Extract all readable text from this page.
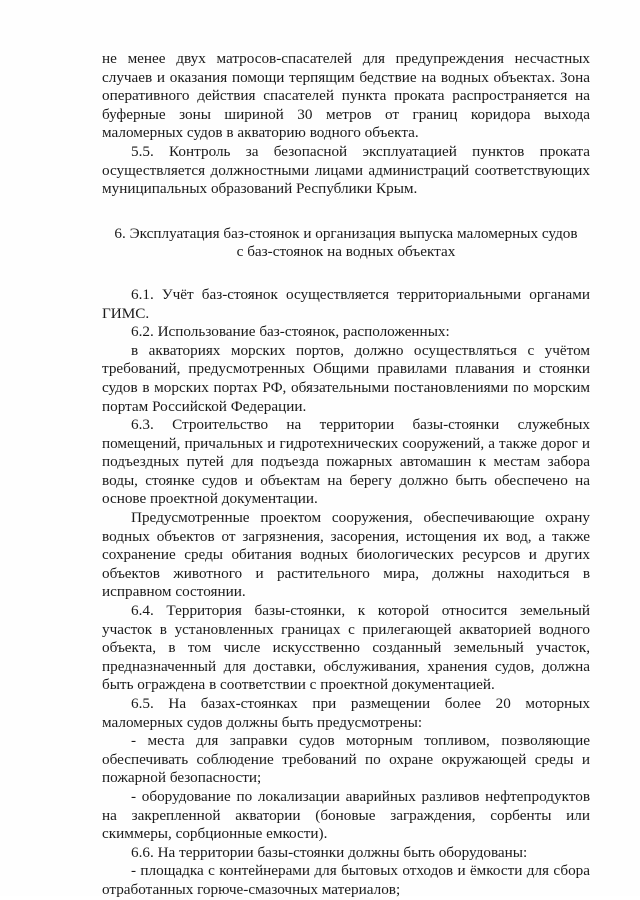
не менее двух матросов-спасателей для предупреждения несчастных случаев и оказания помощи терпящим бедствие на водных объектах. Зона оперативного действия спасателей пункта проката распространяется на буферные зоны шириной 30 метров от границ коридора выхода маломерных судов в акваторию водного объекта.

5.5. Контроль за безопасной эксплуатацией пунктов проката осуществляется должностными лицами администраций соответствующих муниципальных образований Республики Крым.

6. Эксплуатация баз-стоянок и организация выпуска маломерных судов с баз-стоянок на водных объектах

6.1. Учёт баз-стоянок осуществляется территориальными органами ГИМС.

6.2. Использование баз-стоянок, расположенных:

в акваториях морских портов, должно осуществляться с учётом требований, предусмотренных Общими правилами плавания и стоянки судов в морских портах РФ, обязательными постановлениями по морским портам Российской Федерации.

6.3. Строительство на территории базы-стоянки служебных помещений, причальных и гидротехнических сооружений, а также дорог и подъездных путей для подъезда пожарных автомашин к местам забора воды, стоянке судов и объектам на берегу должно быть обеспечено на основе проектной документации.

Предусмотренные проектом сооружения, обеспечивающие охрану водных объектов от загрязнения, засорения, истощения их вод, а также сохранение среды обитания водных биологических ресурсов и других объектов животного и растительного мира, должны находиться в исправном состоянии.

6.4. Территория базы-стоянки, к которой относится земельный участок в установленных границах с прилегающей акваторией водного объекта, в том числе искусственно созданный земельный участок, предназначенный для доставки, обслуживания, хранения судов, должна быть ограждена в соответствии с проектной документацией.

6.5. На базах-стоянках при размещении более 20 моторных маломерных судов должны быть предусмотрены:

- места для заправки судов моторным топливом, позволяющие обеспечивать соблюдение требований по охране окружающей среды и пожарной безопасности;

- оборудование по локализации аварийных разливов нефтепродуктов на закрепленной акватории (боновые заграждения, сорбенты или скиммеры, сорбционные емкости).

6.6. На территории базы-стоянки должны быть оборудованы:

- площадка с контейнерами для бытовых отходов и ёмкости для сбора отработанных горюче-смазочных материалов;
